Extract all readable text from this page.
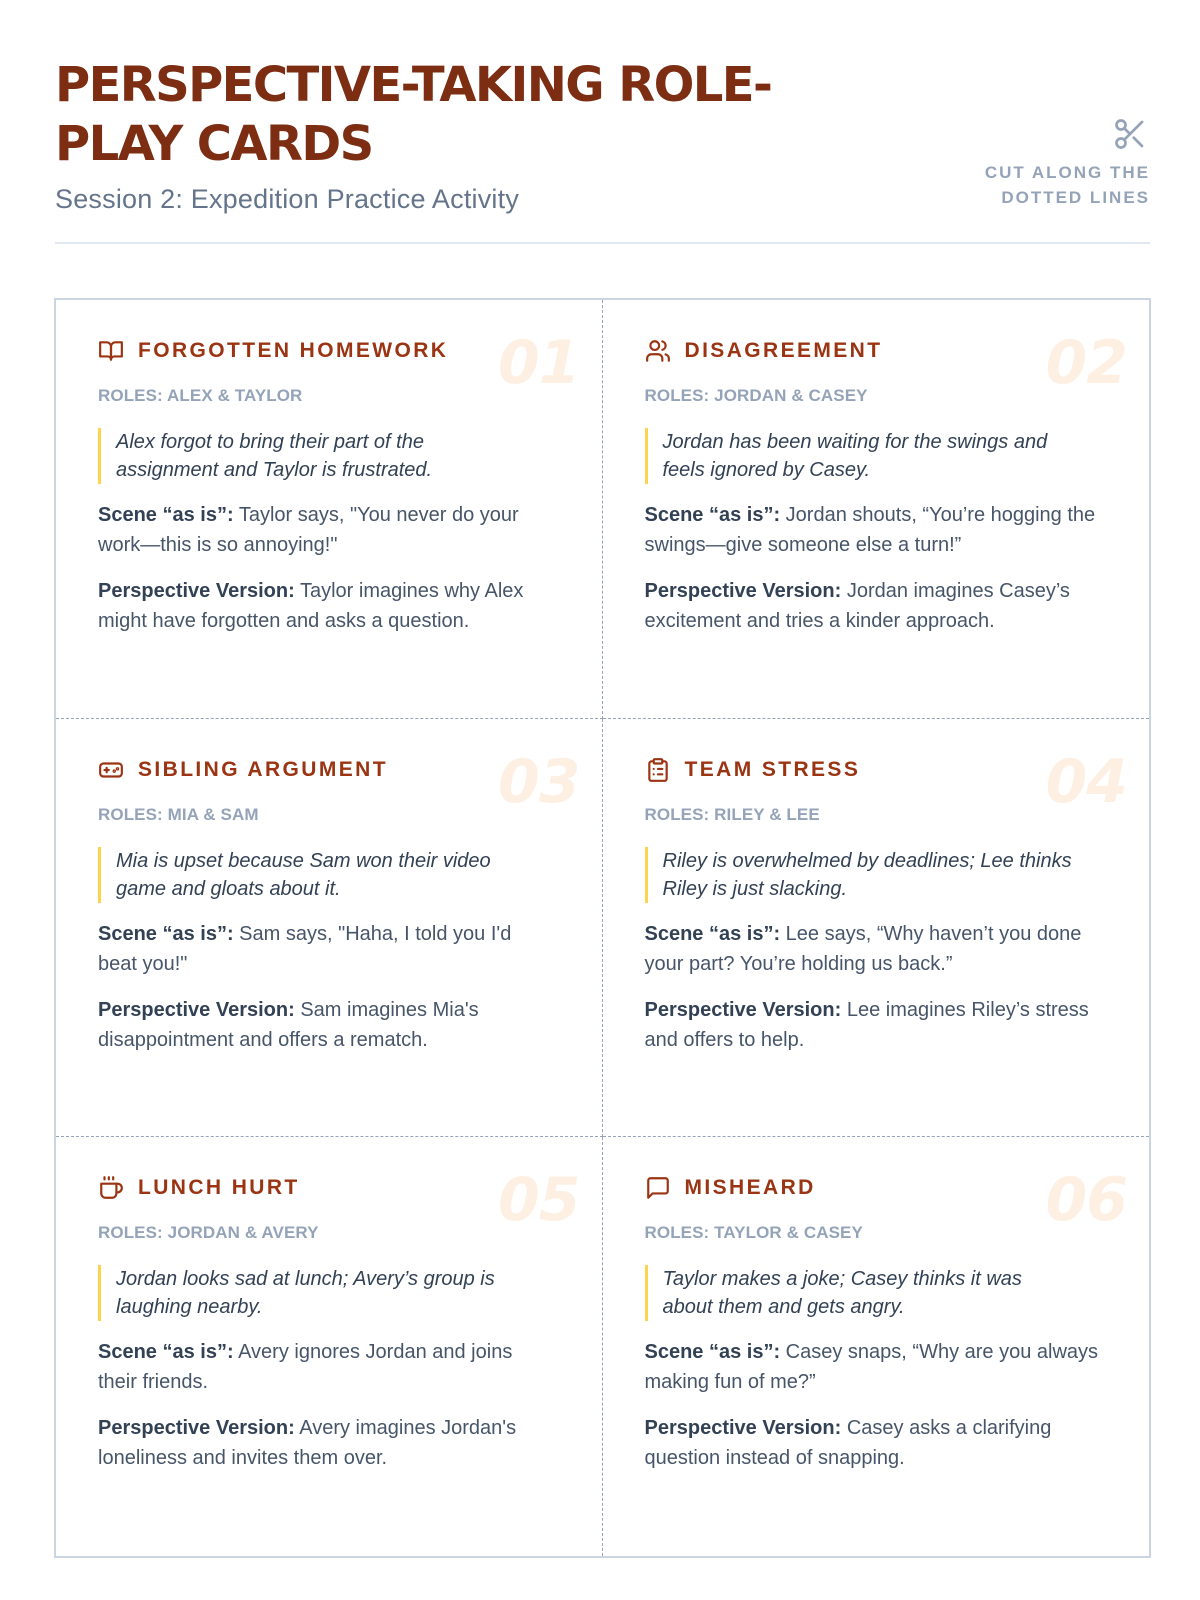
PERSPECTIVE-TAKING ROLE-PLAY CARDS
Session 2: Expedition Practice Activity
CUT ALONG THE DOTTED LINES
01
FORGOTTEN HOMEWORK
ROLES: ALEX & TAYLOR
Alex forgot to bring their part of the assignment and Taylor is frustrated.

Scene “as is”: Taylor says, "You never do your work—this is so annoying!"

Perspective Version: Taylor imagines why Alex might have forgotten and asks a question.

02
DISAGREEMENT
ROLES: JORDAN & CASEY
Jordan has been waiting for the swings and feels ignored by Casey.

Scene “as is”: Jordan shouts, “You’re hogging the swings—give someone else a turn!”

Perspective Version: Jordan imagines Casey’s excitement and tries a kinder approach.

03
SIBLING ARGUMENT
ROLES: MIA & SAM
Mia is upset because Sam won their video game and gloats about it.

Scene “as is”: Sam says, "Haha, I told you I'd beat you!"

Perspective Version: Sam imagines Mia's disappointment and offers a rematch.

04
TEAM STRESS
ROLES: RILEY & LEE
Riley is overwhelmed by deadlines; Lee thinks Riley is just slacking.

Scene “as is”: Lee says, “Why haven’t you done your part? You’re holding us back.”

Perspective Version: Lee imagines Riley’s stress and offers to help.

05
LUNCH HURT
ROLES: JORDAN & AVERY
Jordan looks sad at lunch; Avery’s group is laughing nearby.

Scene “as is”: Avery ignores Jordan and joins their friends.

Perspective Version: Avery imagines Jordan's loneliness and invites them over.

06
MISHEARD
ROLES: TAYLOR & CASEY
Taylor makes a joke; Casey thinks it was about them and gets angry.

Scene “as is”: Casey snaps, “Why are you always making fun of me?”

Perspective Version: Casey asks a clarifying question instead of snapping.
